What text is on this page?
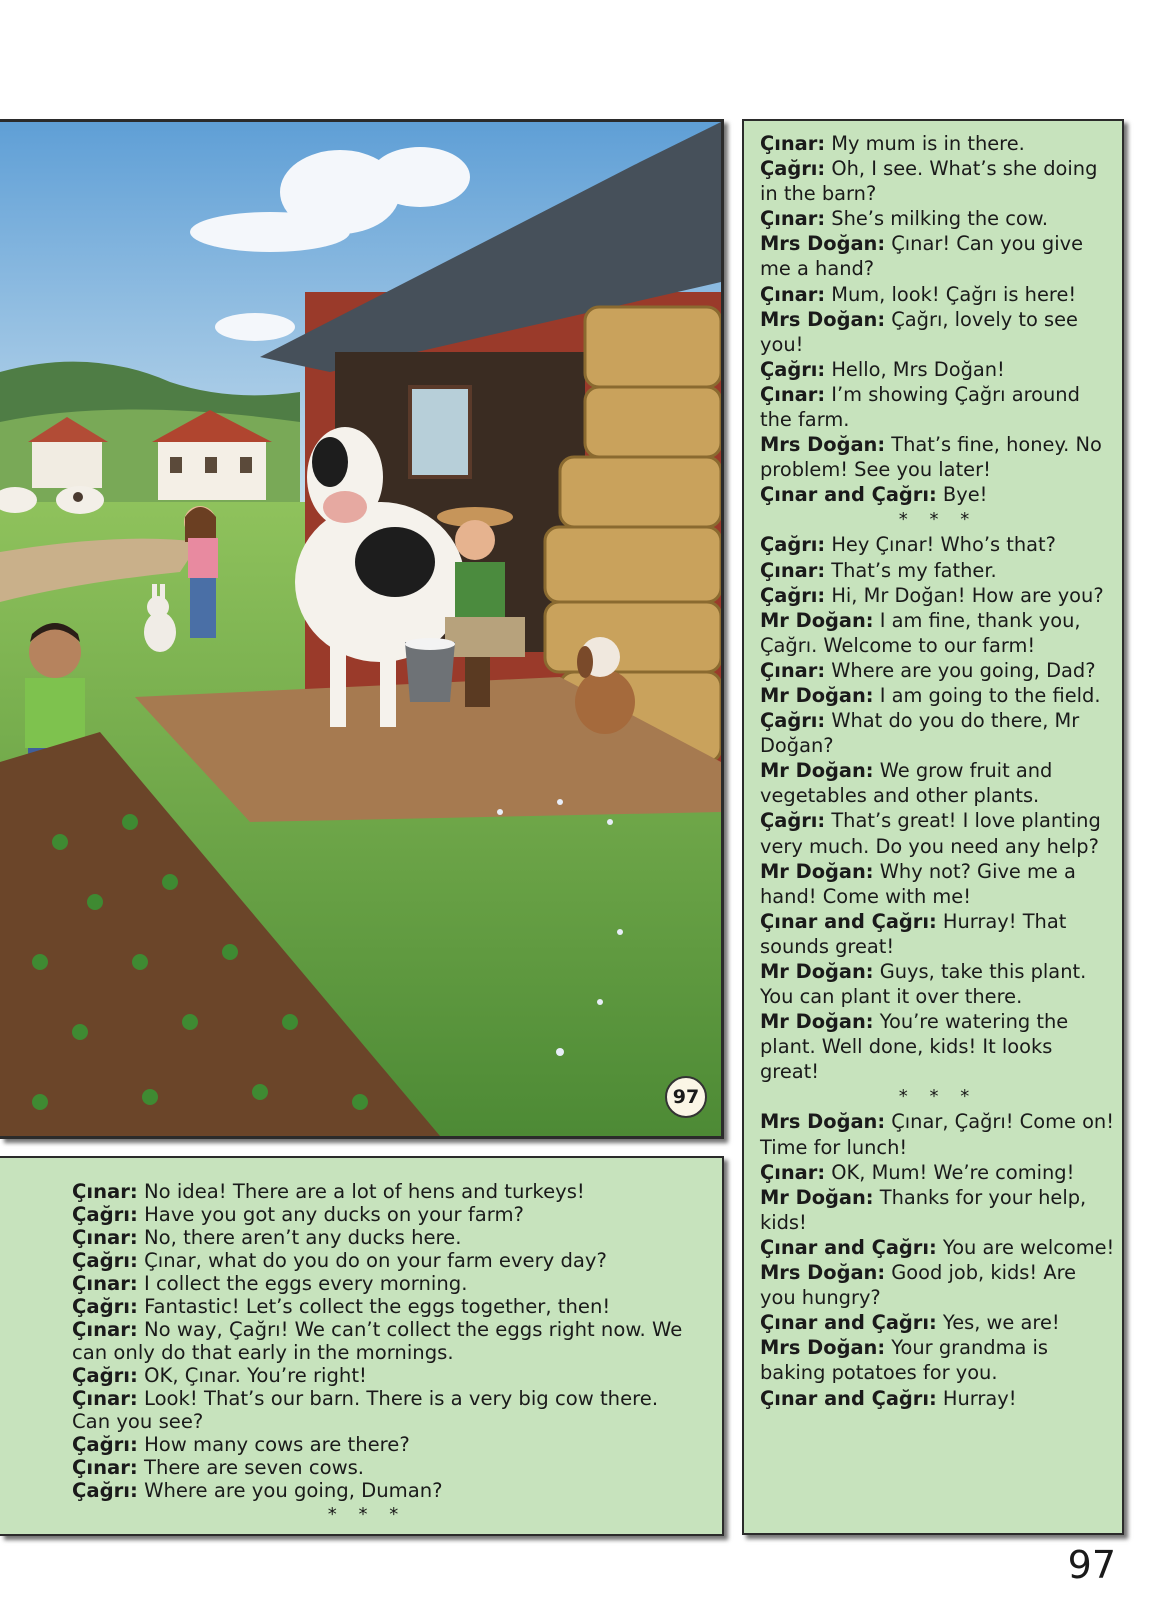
97
Çınar: No idea! There are a lot of hens and turkeys!
Çağrı: Have you got any ducks on your farm?
Çınar: No, there aren’t any ducks here.
Çağrı: Çınar, what do you do on your farm every day?
Çınar: I collect the eggs every morning.
Çağrı: Fantastic! Let’s collect the eggs together, then!
Çınar: No way, Çağrı! We can’t collect the eggs right now. We can only do that early in the mornings.
Çağrı: OK, Çınar. You’re right!
Çınar: Look! That’s our barn. There is a very big cow there. Can you see?
Çağrı: How many cows are there?
Çınar: There are seven cows.
Çağrı: Where are you going, Duman?
* * *
Çınar: My mum is in there.
Çağrı: Oh, I see. What’s she doing in the barn?
Çınar: She’s milking the cow.
Mrs Doğan: Çınar! Can you give me a hand?
Çınar: Mum, look! Çağrı is here!
Mrs Doğan: Çağrı, lovely to see you!
Çağrı: Hello, Mrs Doğan!
Çınar: I’m showing Çağrı around the farm.
Mrs Doğan: That’s fine, honey. No problem! See you later!
Çınar and Çağrı: Bye!
* * *
Çağrı: Hey Çınar! Who’s that?
Çınar: That’s my father.
Çağrı: Hi, Mr Doğan! How are you?
Mr Doğan: I am fine, thank you, Çağrı. Welcome to our farm!
Çınar: Where are you going, Dad?
Mr Doğan: I am going to the field.
Çağrı: What do you do there, Mr Doğan?
Mr Doğan: We grow fruit and vegetables and other plants.
Çağrı: That’s great! I love planting very much. Do you need any help?
Mr Doğan: Why not? Give me a hand! Come with me!
Çınar and Çağrı: Hurray! That sounds great!
Mr Doğan: Guys, take this plant. You can plant it over there.
Mr Doğan: You’re watering the plant. Well done, kids! It looks great!
* * *
Mrs Doğan: Çınar, Çağrı! Come on! Time for lunch!
Çınar: OK, Mum! We’re coming!
Mr Doğan: Thanks for your help, kids!
Çınar and Çağrı: You are welcome!
Mrs Doğan: Good job, kids! Are you hungry?
Çınar and Çağrı: Yes, we are!
Mrs Doğan: Your grandma is baking potatoes for you.
Çınar and Çağrı: Hurray!
97
